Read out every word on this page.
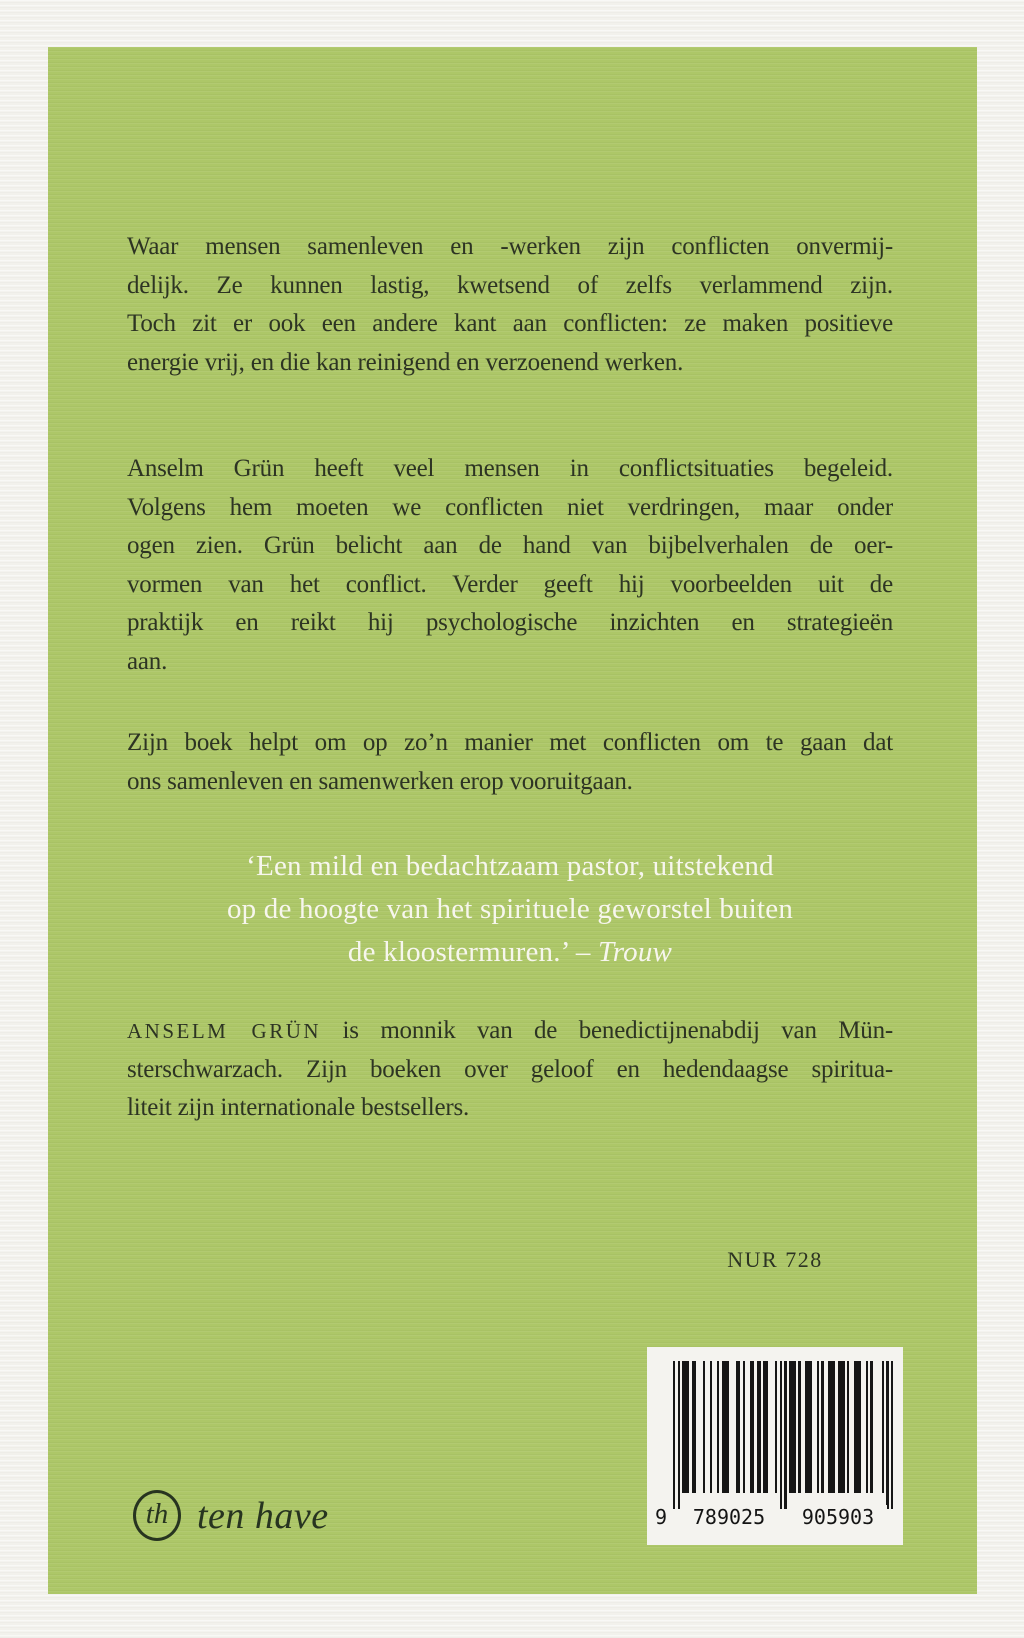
Waar mensen samenleven en -werken zijn conflicten onvermij-
delijk. Ze kunnen lastig, kwetsend of zelfs verlammend zijn.
Toch zit er ook een andere kant aan conflicten: ze maken positieve
energie vrij, en die kan reinigend en verzoenend werken.
Anselm Grün heeft veel mensen in conflictsituaties begeleid.
Volgens hem moeten we conflicten niet verdringen, maar onder
ogen zien. Grün belicht aan de hand van bijbelverhalen de oer-
vormen van het conflict. Verder geeft hij voorbeelden uit de
praktijk en reikt hij psychologische inzichten en strategieën
aan.
Zijn boek helpt om op zo’n manier met conflicten om te gaan dat
ons samenleven en samenwerken erop vooruitgaan.
‘Een mild en bedachtzaam pastor, uitstekend
op de hoogte van het spirituele geworstel buiten
de kloostermuren.’ – Trouw
ANSELM GRÜN is monnik van de benedictijnenabdij van Mün-
sterschwarzach. Zijn boeken over geloof en hedendaagse spiritua-
liteit zijn internationale bestsellers.
NUR 728
9	789025	905903
th ten have
